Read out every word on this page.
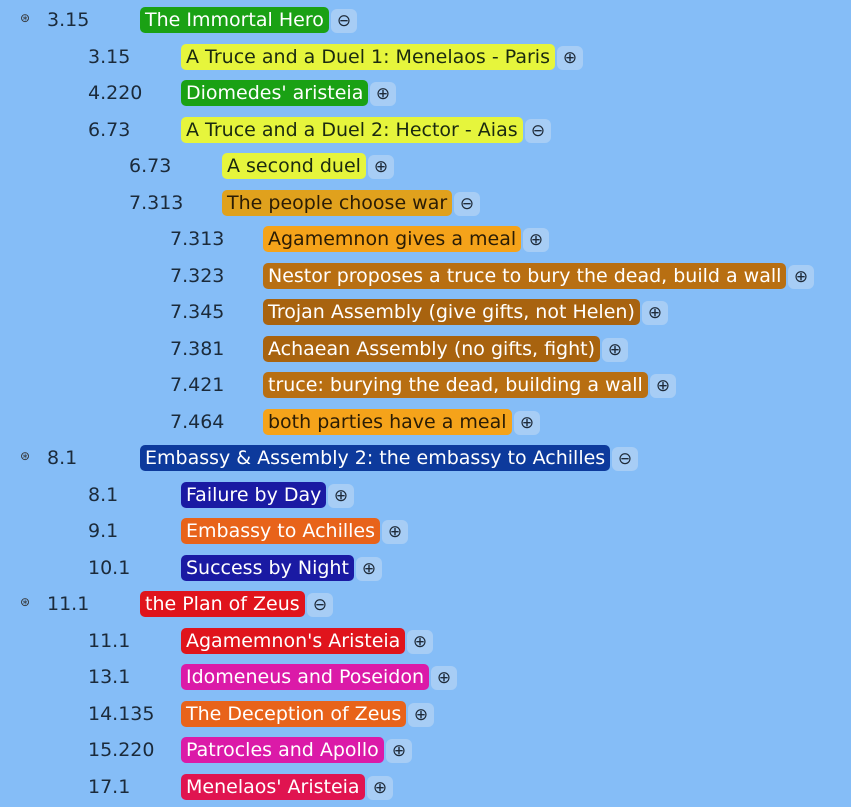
⊛ 3.15	The Immortal Hero ⊖
3.15	A Truce and a Duel 1: Menelaos - Paris ⊕
4.220 Diomedes' aristeia ⊕
6.73	A Truce and a Duel 2: Hector - Aias ⊖
6.73	A second duel ⊕
7.313 The people choose war ⊖
7.313 Agamemnon gives a meal ⊕
7.323 Nestor proposes a truce to bury the dead, build a wall ⊕
7.345 Trojan Assembly (give gifts, not Helen) ⊕
7.381 Achaean Assembly (no gifts, fight) ⊕
7.421 truce: burying the dead, building a wall ⊕
7.464 both parties have a meal ⊕
⊛ 8.1	Embassy & Assembly 2: the embassy to Achilles ⊖
8.1	Failure by Day ⊕
9.1	Embassy to Achilles ⊕
10.1	Success by Night ⊕
⊛ 11.1	the Plan of Zeus ⊖
11.1	Agamemnon's Aristeia ⊕
13.1	Idomeneus and Poseidon ⊕
14.135 The Deception of Zeus ⊕
15.220 Patrocles and Apollo ⊕
17.1	Menelaos' Aristeia ⊕
